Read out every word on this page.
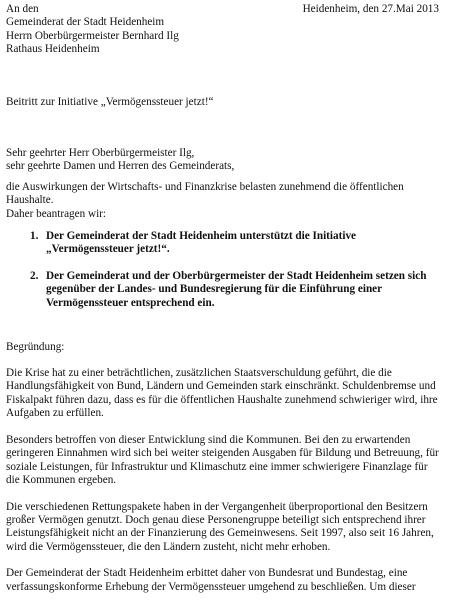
An den
Gemeinderat der Stadt Heidenheim
Herrn Oberbürgermeister Bernhard Ilg
Rathaus Heidenheim
Heidenheim, den 27.Mai 2013
Beitritt zur Initiative „Vermögenssteuer jetzt!“
Sehr geehrter Herr Oberbürgermeister Ilg,
sehr geehrte Damen und Herren des Gemeinderats,
die Auswirkungen der Wirtschafts- und Finanzkrise belasten zunehmend die öffentlichen Haushalte.
Daher beantragen wir:
1. Der Gemeinderat der Stadt Heidenheim unterstützt die Initiative „Vermögenssteuer jetzt!“.
2. Der Gemeinderat und der Oberbürgermeister der Stadt Heidenheim setzen sich gegenüber der Landes- und Bundesregierung für die Einführung einer Vermögenssteuer entsprechend ein.
Begründung:

Die Krise hat zu einer beträchtlichen, zusätzlichen Staatsverschuldung geführt, die die Handlungsfähigkeit von Bund, Ländern und Gemeinden stark einschränkt. Schuldenbremse und Fiskalpakt führen dazu, dass es für die öffentlichen Haushalte zunehmend schwieriger wird, ihre Aufgaben zu erfüllen.

Besonders betroffen von dieser Entwicklung sind die Kommunen. Bei den zu erwartenden geringeren Einnahmen wird sich bei weiter steigenden Ausgaben für Bildung und Betreuung, für soziale Leistungen, für Infrastruktur und Klimaschutz eine immer schwierigere Finanzlage für die Kommunen ergeben.

Die verschiedenen Rettungspakete haben in der Vergangenheit überproportional den Besitzern großer Vermögen genutzt. Doch genau diese Personengruppe beteiligt sich entsprechend ihrer Leistungsfähigkeit nicht an der Finanzierung des Gemeinwesens. Seit 1997, also seit 16 Jahren, wird die Vermögenssteuer, die den Ländern zusteht, nicht mehr erhoben.

Der Gemeinderat der Stadt Heidenheim erbittet daher von Bundesrat und Bundestag, eine verfassungskonforme Erhebung der Vermögenssteuer umgehend zu beschließen. Um dieser
